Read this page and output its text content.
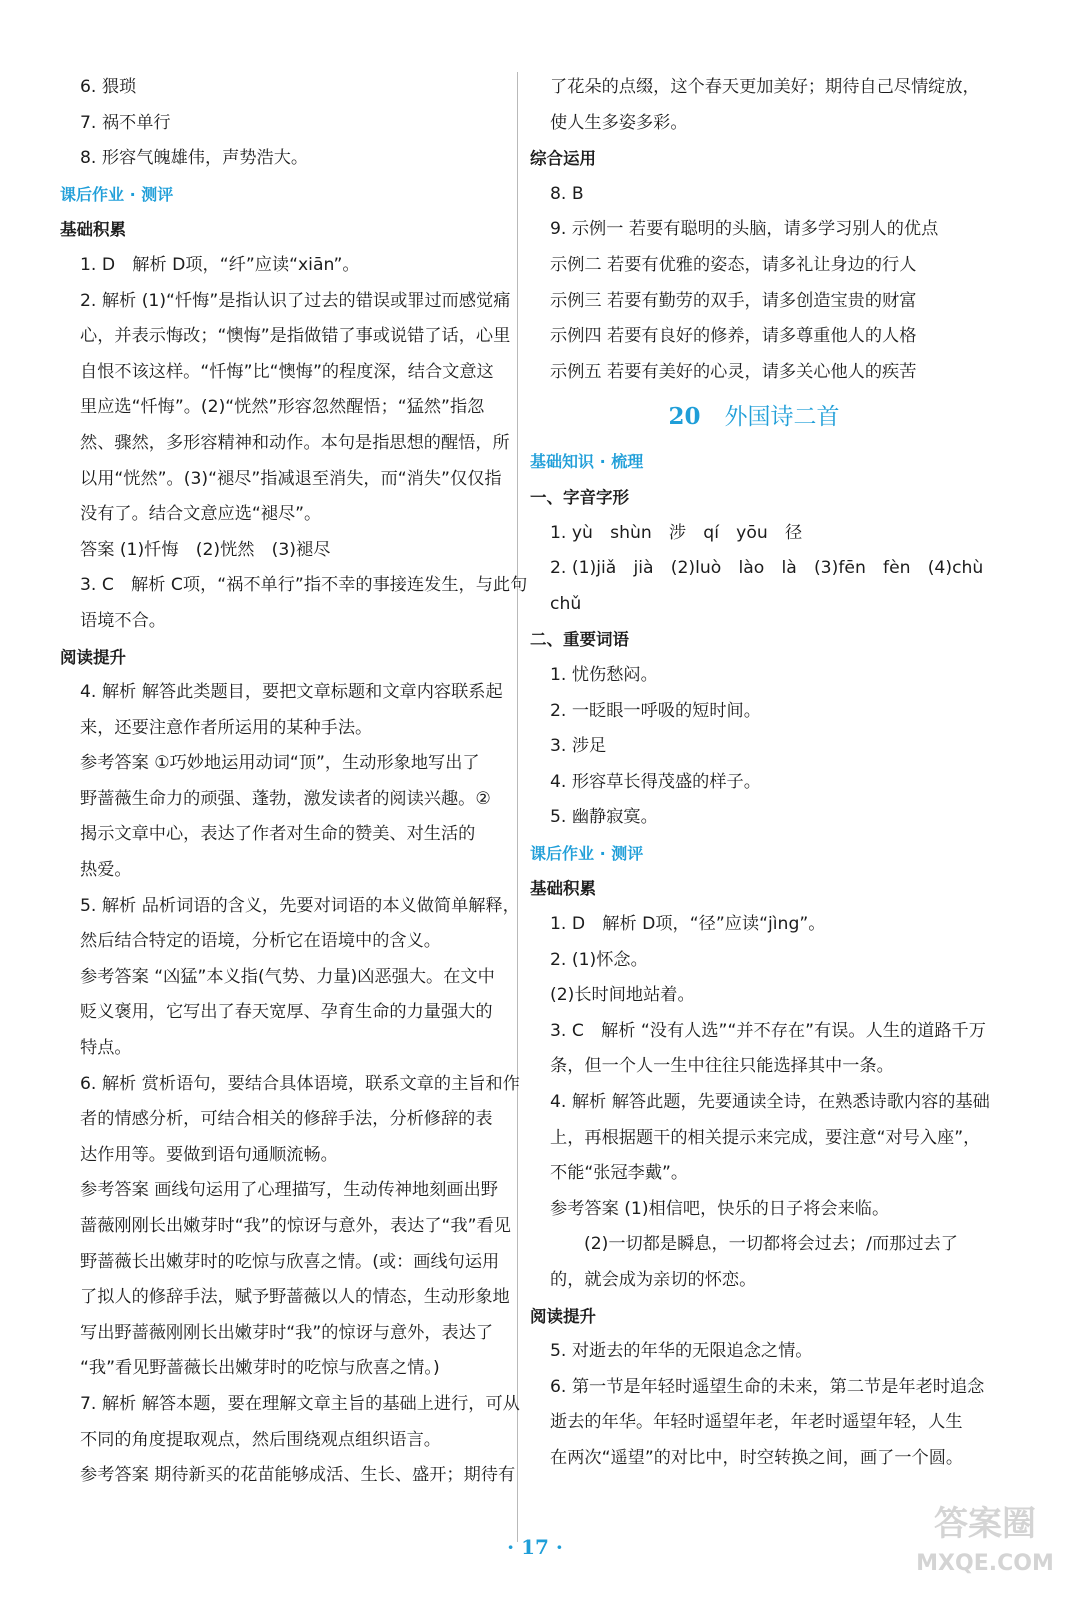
6. 猥琐
7. 祸不单行
8. 形容气魄雄伟，声势浩大。
课后作业 · 测评
基础积累
1. D　解析 D项，“纤”应读“xiān”。
2. 解析 (1)“忏悔”是指认识了过去的错误或罪过而感觉痛
心，并表示悔改；“懊悔”是指做错了事或说错了话，心里
自恨不该这样。“忏悔”比“懊悔”的程度深，结合文意这
里应选“忏悔”。(2)“恍然”形容忽然醒悟；“猛然”指忽
然、骤然，多形容精神和动作。本句是指思想的醒悟，所
以用“恍然”。(3)“褪尽”指减退至消失，而“消失”仅仅指
没有了。结合文意应选“褪尽”。
答案 (1)忏悔　(2)恍然　(3)褪尽
3. C　解析 C项，“祸不单行”指不幸的事接连发生，与此句
语境不合。
阅读提升
4. 解析 解答此类题目，要把文章标题和文章内容联系起
来，还要注意作者所运用的某种手法。
参考答案 ①巧妙地运用动词“顶”，生动形象地写出了
野蔷薇生命力的顽强、蓬勃，激发读者的阅读兴趣。②
揭示文章中心，表达了作者对生命的赞美、对生活的
热爱。
5. 解析 品析词语的含义，先要对词语的本义做简单解释，
然后结合特定的语境，分析它在语境中的含义。
参考答案 “凶猛”本义指(气势、力量)凶恶强大。在文中
贬义褒用，它写出了春天宽厚、孕育生命的力量强大的
特点。
6. 解析 赏析语句，要结合具体语境，联系文章的主旨和作
者的情感分析，可结合相关的修辞手法，分析修辞的表
达作用等。要做到语句通顺流畅。
参考答案 画线句运用了心理描写，生动传神地刻画出野
蔷薇刚刚长出嫩芽时“我”的惊讶与意外，表达了“我”看见
野蔷薇长出嫩芽时的吃惊与欣喜之情。(或：画线句运用
了拟人的修辞手法，赋予野蔷薇以人的情态，生动形象地
写出野蔷薇刚刚长出嫩芽时“我”的惊讶与意外，表达了
“我”看见野蔷薇长出嫩芽时的吃惊与欣喜之情。)
7. 解析 解答本题，要在理解文章主旨的基础上进行，可从
不同的角度提取观点，然后围绕观点组织语言。
参考答案 期待新买的花苗能够成活、生长、盛开；期待有
了花朵的点缀，这个春天更加美好；期待自己尽情绽放，
使人生多姿多彩。
综合运用
8. B
9. 示例一 若要有聪明的头脑，请多学习别人的优点
示例二 若要有优雅的姿态，请多礼让身边的行人
示例三 若要有勤劳的双手，请多创造宝贵的财富
示例四 若要有良好的修养，请多尊重他人的人格
示例五 若要有美好的心灵，请多关心他人的疾苦
20 外国诗二首
基础知识 · 梳理
一、字音字形
1. yù　shùn　涉　qí　yōu　径
2. (1)jiǎ　jià　(2)luò　lào　là　(3)fēn　fèn　(4)chù
chǔ
二、重要词语
1. 忧伤愁闷。
2. 一眨眼一呼吸的短时间。
3. 涉足
4. 形容草长得茂盛的样子。
5. 幽静寂寞。
课后作业 · 测评
基础积累
1. D　解析 D项，“径”应读“jìng”。
2. (1)怀念。
(2)长时间地站着。
3. C　解析 “没有人选”“并不存在”有误。人生的道路千万
条，但一个人一生中往往只能选择其中一条。
4. 解析 解答此题，先要通读全诗，在熟悉诗歌内容的基础
上，再根据题干的相关提示来完成，要注意“对号入座”，
不能“张冠李戴”。
参考答案 (1)相信吧，快乐的日子将会来临。
(2)一切都是瞬息，一切都将会过去；/而那过去了
的，就会成为亲切的怀恋。
阅读提升
5. 对逝去的年华的无限追念之情。
6. 第一节是年轻时遥望生命的未来，第二节是年老时追念
逝去的年华。年轻时遥望年老，年老时遥望年轻，人生
在两次“遥望”的对比中，时空转换之间，画了一个圆。
· 17 ·
答案圈
MXQE.COM
